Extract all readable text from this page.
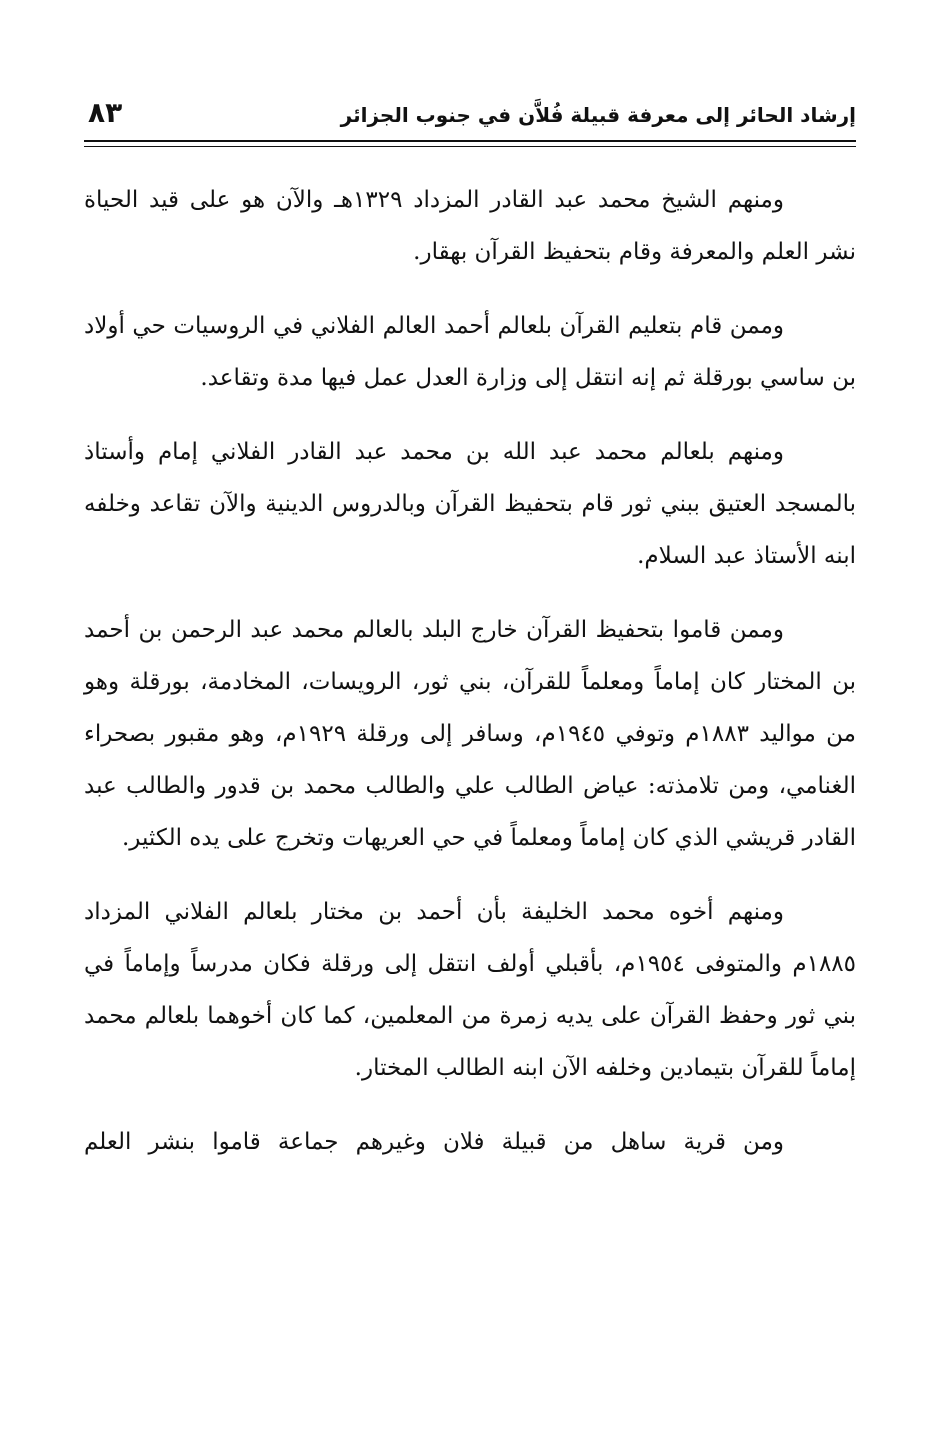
إرشاد الحائر إلى معرفة قبيلة فُلاَّن في جنوب الجزائر
٨٣

ومنهم الشيخ محمد عبد القادر المزداد ١٣٢٩هـ والآن هو على قيد الحياة نشر العلم والمعرفة وقام بتحفيظ القرآن بهقار.

وممن قام بتعليم القرآن بلعالم أحمد العالم الفلاني في الروسيات حي أولاد بن ساسي بورقلة ثم إنه انتقل إلى وزارة العدل عمل فيها مدة وتقاعد.

ومنهم بلعالم محمد عبد الله بن محمد عبد القادر الفلاني إمام وأستاذ بالمسجد العتيق ببني ثور قام بتحفيظ القرآن وبالدروس الدينية والآن تقاعد وخلفه ابنه الأستاذ عبد السلام.

وممن قاموا بتحفيظ القرآن خارج البلد بالعالم محمد عبد الرحمن بن أحمد بن المختار كان إماماً ومعلماً للقرآن، بني ثور، الرويسات، المخادمة، بورقلة وهو من مواليد ١٨٨٣م وتوفي ١٩٤٥م، وسافر إلى ورقلة ١٩٢٩م، وهو مقبور بصحراء الغنامي، ومن تلامذته: عياض الطالب علي والطالب محمد بن قدور والطالب عبد القادر قريشي الذي كان إماماً ومعلماً في حي العريهات وتخرج على يده الكثير.

ومنهم أخوه محمد الخليفة بأن أحمد بن مختار بلعالم الفلاني المزداد ١٨٨٥م والمتوفى ١٩٥٤م، بأقبلي أولف انتقل إلى ورقلة فكان مدرساً وإماماً في بني ثور وحفظ القرآن على يديه زمرة من المعلمين، كما كان أخوهما بلعالم محمد إماماً للقرآن بتيمادين وخلفه الآن ابنه الطالب المختار.

ومن قرية ساهل من قبيلة فلان وغيرهم جماعة قاموا بنشر العلم
